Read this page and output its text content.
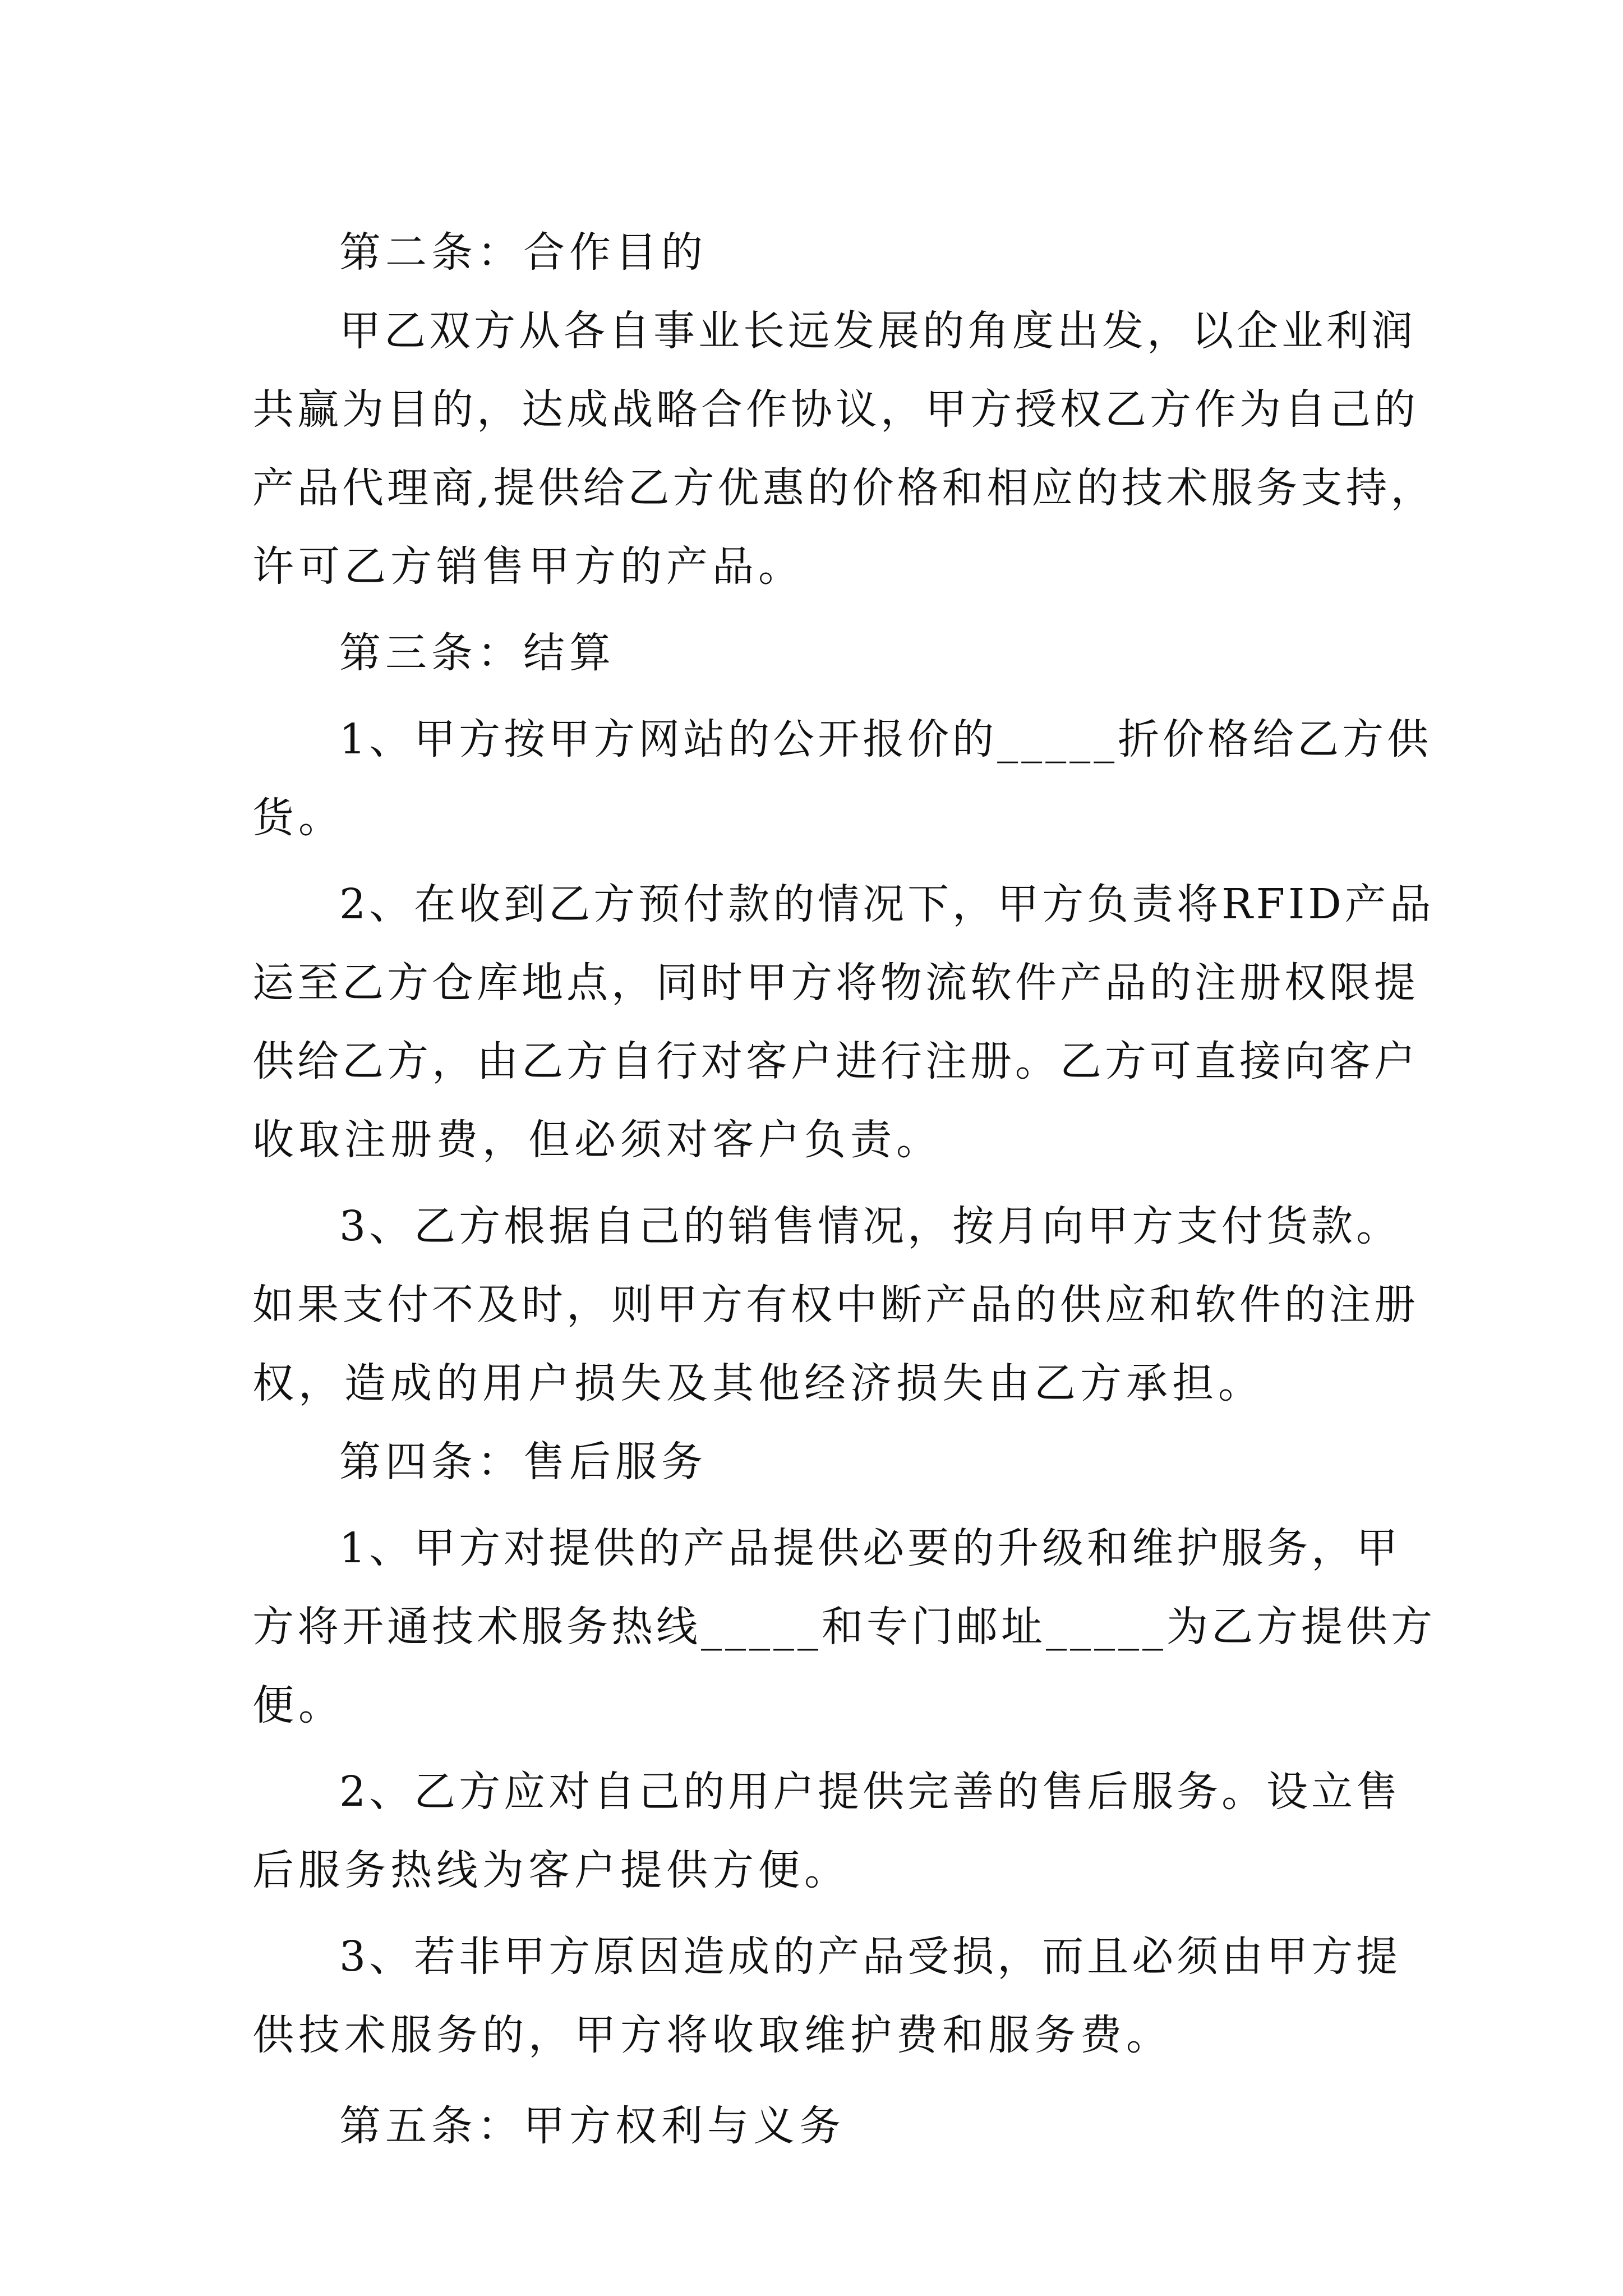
第二条：合作目的
甲乙双方从各自事业长远发展的角度出发，以企业利润
共赢为目的，达成战略合作协议，甲方授权乙方作为自己的
产品代理商,提供给乙方优惠的价格和相应的技术服务支持，
许可乙方销售甲方的产品。
第三条：结算
1、甲方按甲方网站的公开报价的_____折价格给乙方供
货。
2、在收到乙方预付款的情况下，甲方负责将RFID产品
运至乙方仓库地点，同时甲方将物流软件产品的注册权限提
供给乙方，由乙方自行对客户进行注册。乙方可直接向客户
收取注册费，但必须对客户负责。
3、乙方根据自己的销售情况，按月向甲方支付货款。
如果支付不及时，则甲方有权中断产品的供应和软件的注册
权，造成的用户损失及其他经济损失由乙方承担。
第四条：售后服务
1、甲方对提供的产品提供必要的升级和维护服务，甲
方将开通技术服务热线_____和专门邮址_____为乙方提供方
便。
2、乙方应对自己的用户提供完善的售后服务。设立售
后服务热线为客户提供方便。
3、若非甲方原因造成的产品受损，而且必须由甲方提
供技术服务的，甲方将收取维护费和服务费。
第五条：甲方权利与义务
